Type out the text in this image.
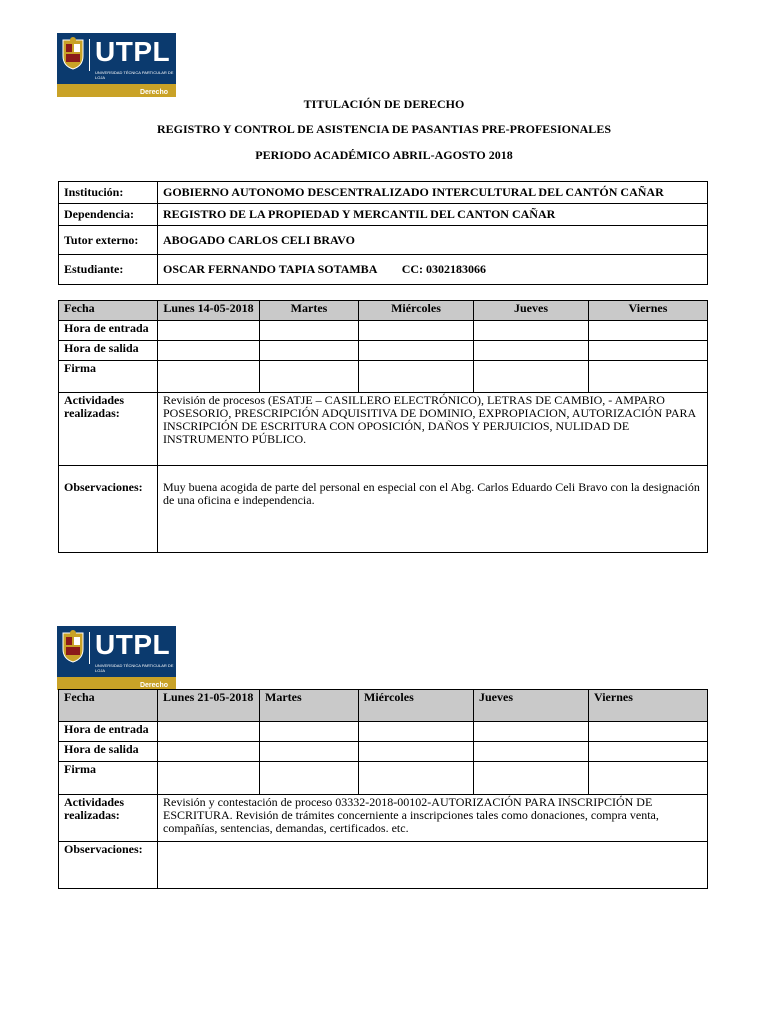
UTPL
UNIVERSIDAD TÉCNICA PARTICULAR DE LOJA
Derecho
TITULACIÓN DE DERECHO
REGISTRO Y CONTROL DE ASISTENCIA DE PASANTIAS PRE-PROFESIONALES
PERIODO ACADÉMICO ABRIL-AGOSTO 2018
Institución:	GOBIERNO AUTONOMO DESCENTRALIZADO INTERCULTURAL DEL CANTÓN CAÑAR
Dependencia:	REGISTRO DE LA PROPIEDAD Y MERCANTIL DEL CANTON CAÑAR
Tutor externo:	ABOGADO CARLOS CELI BRAVO
Estudiante:	OSCAR FERNANDO TAPIA SOTAMBA CC: 0302183066
Fecha	Lunes 14-05-2018	Martes	Miércoles	Jueves	Viernes
Hora de entrada					
Hora de salida					
Firma					
Actividades realizadas:	Revisión de procesos (ESATJE – CASILLERO ELECTRÓNICO), LETRAS DE CAMBIO, - AMPARO POSESORIO, PRESCRIPCIÓN ADQUISITIVA DE DOMINIO, EXPROPIACION, AUTORIZACIÓN PARA INSCRIPCIÓN DE ESCRITURA CON OPOSICIÓN, DAÑOS Y PERJUICIOS, NULIDAD DE INSTRUMENTO PÚBLICO.				
Observaciones:	Muy buena acogida de parte del personal en especial con el Abg. Carlos Eduardo Celi Bravo con la designación de una oficina e independencia.				
UTPL
UNIVERSIDAD TÉCNICA PARTICULAR DE LOJA
Derecho
Fecha	Lunes 21-05-2018	Martes	Miércoles	Jueves	Viernes
Hora de entrada					
Hora de salida					
Firma					
Actividades realizadas:	Revisión y contestación de proceso 03332-2018-00102-AUTORIZACIÓN PARA INSCRIPCIÓN DE ESCRITURA. Revisión de trámites concerniente a inscripciones tales como donaciones, compra venta, compañías, sentencias, demandas, certificados. etc.				
Observaciones:					
